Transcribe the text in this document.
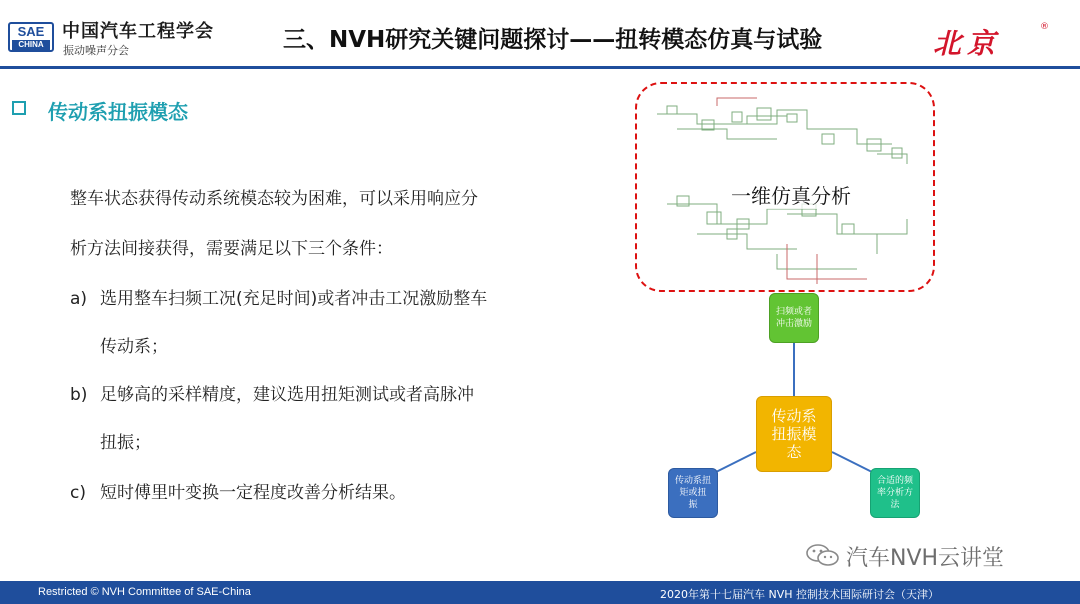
SAE
CHINA
中国汽车工程学会
振动噪声分会	三、NVH研究关键问题探讨——扭转模态仿真与试验	北京	®
传动系扭振模态
整车状态获得传动系统模态较为困难，可以采用响应分
析方法间接获得，需要满足以下三个条件：
a) 选用整车扫频工况(充足时间)或者冲击工况激励整车
传动系；
b) 足够高的采样精度，建议选用扭矩测试或者高脉冲
扭振；
c) 短时傅里叶变换一定程度改善分析结果。
一维仿真分析
扫频或者
冲击激励
传动系
扭振模
态
传动系扭
矩或扭
振
合适的频
率分析方
法
汽车NVH云讲堂
Restricted © NVH Committee of SAE-China	2020年第十七届汽车 NVH 控制技术国际研讨会（天津）
